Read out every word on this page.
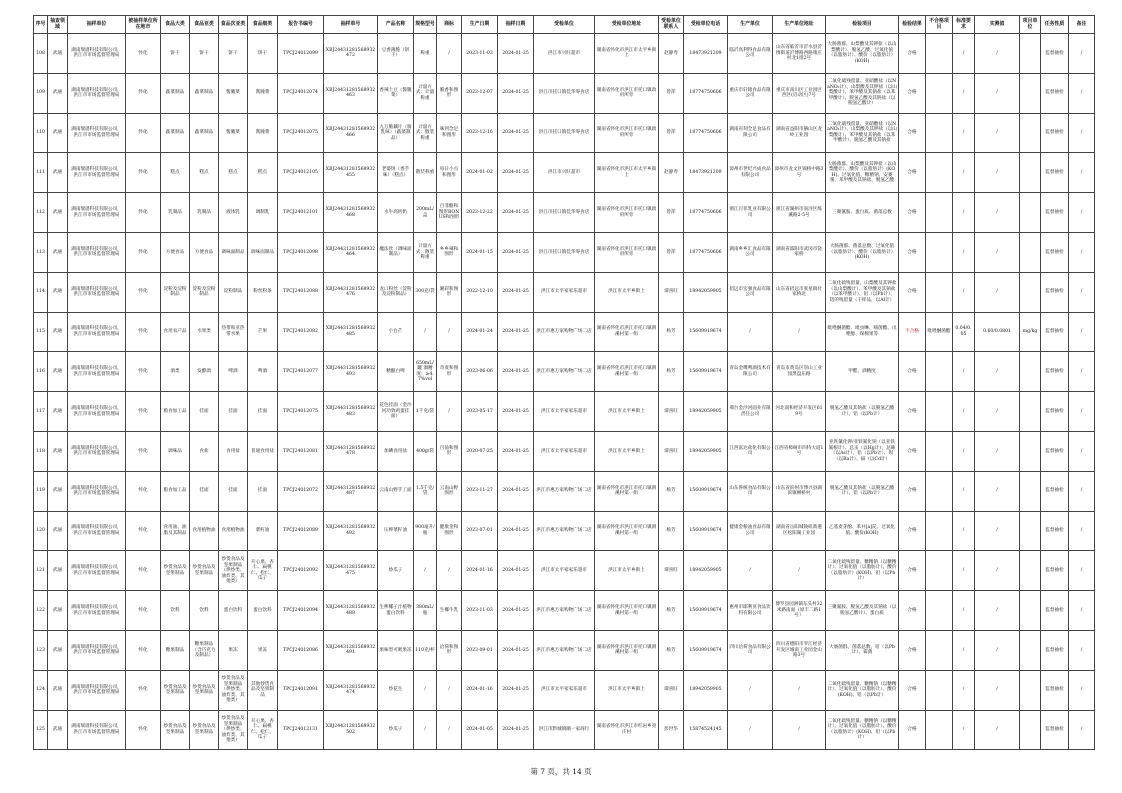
序号	抽查领域	抽样单位	被抽样单位所在地市	食品大类	食品亚类	食品次亚类	食品细类	报告书编号	抽样单号	产品名称	规格型号	商标	生产日期	抽样日期	受检单位	受检单位地址	受检单位联系人	受检单位电话	生产单位	生产单位地址	检验项目	检验结果	不合格项目	标准要求	实测值	项目单位	任务性质	备注
108	武通	湖南瑞谱科技有限公司，洪江市市场监督管理局	怀化	饼干	饼干	饼干	饼干	TPCJ24012099	XBJ24431281568932472	豆香薄脆（饼干）	称重	/	2023-11-03	2024-01-25	洪江市兴旺超市	湖南省怀化市洪江市太平乡街上	赵静寿	18473921209	临沂真利得食品有限公司	山东省临沂市沂水县沂博街道沂博路西路康庄村北1排2号	大肠菌群、山梨酸及其钾盐（以山梨酸计）、脱氢乙酸、过氧化值（以脂肪计）、酸价（以脂肪计）(KOH)	合格		/	/		监督抽检	/
109	武通	湖南瑞谱科技有限公司，洪江市市场监督管理局	怀化	蔬菜制品	蔬菜制品	酱腌菜	酱腌菜	TPCJ24012074	XBJ24431281568932463	香辣土豆（酱腌菜）	计量方式：计量称重	脆香和图形	2023-12-07	2024-01-25	洪江市托口镇佳华零食店	湖南省怀化市洪江市托口镇政府所旁	曾萍	18774750606	重庆市轩辕食品有限公司	重庆市南川区工业园区西区(启动区)7号	二氧化硫残留量、亚硝酸盐（以NaNO₂计）、山梨酸及其钾盐（以山梨酸计）、苯甲酸及其钠盐（以苯甲酸计）、脱氢乙酸及其钠盐（以脱氢乙酸计）	合格		/	/		监督抽检	/
110	武通	湖南瑞谱科技有限公司，洪江市市场监督管理局	怀化	蔬菜制品	蔬菜制品	酱腌菜	酱腌菜	TPCJ24012075	XBJ24431281568932466	九万脆藕片（腐乳味）（蔬菜制品）	计量方式：散装称重	味到念足和图形	2023-12-16	2024-01-25	洪江市托口镇佳华零食店	湖南省怀化市洪江市托口镇政府所旁	曾萍	18774750606	湖南省刻全足食品有限公司	湖南省益阳市赫山区龙岭工业园	二氧化硫残留量、亚硝酸盐（以NaNO₂计）、山梨酸及其钾盐（以山梨酸计）、苯甲酸及其钠盐（以苯甲酸计）、脱氢乙酸及其钠盐	合格		/	/		监督抽检	/
111	武通	湖南瑞谱科技有限公司，洪江市市场监督管理局	怀化	糕点	糕点	糕点	糕点	TPCJ24012105	XBJ24431281568932455	老婆饼（香芋味）（糕点）	散装称重	每日小点和图形	2024-01-02	2024-01-25	洪江市兴旺超市	湖南省怀化市洪江市太平乡街上	赵静寿	18473921209	漳州市世纪兴成食品有限公司	漳州市龙文区锦桥中路3号	大肠菌群、山梨酸及其钾盐（以山梨酸计）、酸价（以脂肪计）(KOH)、过氧化值、糖精钠、安赛蜜、苯甲酸及其钠盐、脱氢乙酸	合格		/	/		监督抽检	/
112	武通	湖南瑞谱科技有限公司，洪江市市场监督管理局	怀化	乳制品	乳制品	液体乳	调制乳	TPCJ24012101	XBJ24431281568932468	水牛高钙奶	200mL/盒	百菲酪和图形BONUS和图形	2023-12-22	2024-01-25	洪江市托口镇佳华零食店	湖南省怀化市洪江市托口镇政府所旁	曾萍	18774750606	浙江百菲乳业有限公司	浙江省湖州市南浔区练溪路2-5号	三聚氰胺、蛋白质、菌落总数	合格		/	/		监督抽检	/
113	武通	湖南瑞谱科技有限公司，洪江市市场监督管理局	怀化	方便食品	方便食品	调味面制品	调味面制品	TPCJ24012098	XBJ24431281568932464	魔法丝（调味面制品）	计量方式：散装称重	乡乡辣和图形	2024-01-15	2024-01-25	洪江市托口镇佳华零食店	湖南省怀化市洪江市托口镇政府所旁	曾萍	18774750606	湖南乡乡汇食品有限公司	湖南省邵阳市武冈市饶家桥	大肠菌群、菌落总数、过氧化值（以脂肪计）、酸价（以脂肪计）(KOH)	合格		/	/		监督抽检	/
114	武通	湖南瑞谱科技有限公司，洪江市市场监督管理局	怀化	淀粉及淀粉制品	淀粉及淀粉制品	淀粉制品	粉丝粉条	TPCJ24012088	XBJ24431281568932476	龙口粉丝（淀粉及淀粉制品）	300克/袋	湘彩和图形	2022-12-10	2024-01-25	洪江市太平家家乐超市	洪江市太平乡街上	谭喜旺	18942059905	招远市宏强食品有限公司	山东省招远市张星镇付家桥北	二氧化硫残留量、山梨酸及其钾盐（以山梨酸计）、苯甲酸及其钠盐（以苯甲酸计）、铅（以Pb计）、铝的残留量（干样品，以Al计）	合格		/	/		监督抽检	/
115	武通	湖南瑞谱科技有限公司，洪江市市场监督管理局	怀化	食用农产品	水果类	热带和亚热带水果	芒果	TPCJ24012082	XBJ24431281568932485	小台芒	/	/	2024-01-24	2024-01-25	洪江市惠万家购物广场二店	湖南省怀化市洪江市托口镇朗溪村第一组	杨芳	15609919674	/	/	吡唑醚菌酯、吡虫啉、嘧菌酯、戊唑醇、保棉果等	不合格	吡唑醚菌酯	0.04/0.05	0.60/0.0801	mg/kg	监督抽检	/
116	武通	湖南瑞谱科技有限公司，洪江市市场监督管理局	怀化	酒类	发酵酒	啤酒	啤酒	TPCJ24012077	XBJ24431281568932493	精酿白啤	650mL/罐 酒精度：≥4.7%vol	奇麦和图形	2023-06-06	2024-01-25	洪江市惠万家购物广场二店	湖南省怀化市洪江市托口镇朗溪村第一组	杨芳	15609919674	青岛金鹰啤酒技术有限公司	青岛市黄岛区崇山工业园黑盘东路	甲醛、酒精度	合格		/	/		监督抽检	/
117	武通	湖南瑞谱科技有限公司，洪江市市场监督管理局	怀化	粮食加工品	挂面	挂面	挂面	TPCJ24012075	XBJ24431281568932483	花色挂面（金沙河功效鸡蛋挂面）	1千克/袋	/	2023-05-17	2024-01-25	洪江市太平家家乐超市	洪江市太平乡街上	谭喜旺	18942059905	邢台金沙河面业有限责任公司	河北南和经济开发区619号	脱氢乙酸及其钠盐（以脱氢乙酸计）、铅（以Pb计）	合格		/	/		监督抽检	/
118	武通	湖南瑞谱科技有限公司，洪江市市场监督管理局	怀化	调味品	食盐	食用盐	普通食用盐	TPCJ24012081	XBJ24431281568932478	加碘食用盐	400g/袋	百仙和图形	2020-07-25	2024-01-25	洪江市太平家家乐超市	洪江市太平乡街上	谭喜旺	18942059905	江西富达盐化有限公司	江西省樟树市四特大道1号	亚铁氰化钾/亚铁氰化钠（以亚铁氰根计）、总汞（以Hg计）、总砷（以As计）、铅（以Pb计）、钡（以Ba计）、镉（以Cd计）	合格		/	/		监督抽检	/
119	武通	湖南瑞谱科技有限公司，洪江市市场监督管理局	怀化	粮食加工品	挂面	挂面	挂面	TPCJ24012072	XBJ24431281568932487	云南山野手工面	1.5千克/袋	云南山野图形	2023-11-27	2024-01-25	洪江市惠万家购物广场二店	湖南省怀化市洪江市托口镇朗溪村第一组	杨芳	15609919674	山东鲁统食品有限公司	山东省滨州市博兴县湖滨镇柳桥村	脱氢乙酸及其钠盐（以脱氢乙酸计）、铅（以Pb计）	合格		/	/		监督抽检	/
120	武通	湖南瑞谱科技有限公司，洪江市市场监督管理局	怀化	食用油、油脂及其制品	食用植物油	食用植物油	菜籽油	TPCJ24012089	XBJ24431281568932492	压榨菜籽油	900毫升/瓶	健康金和图形	2023-07-01	2024-01-25	洪江市惠万家购物广场二店	湖南省怀化市洪江市托口镇朗溪村第一组	杨芳	15609919674	健康金粮油食品有限公司	湖南省岳阳城陵矶新港区松阳湖工业园	乙基麦芽酚、苯并[a]芘、过氧化值、酸价(KOH)	合格		/	/		监督抽检	/
121	武通	湖南瑞谱科技有限公司，洪江市市场监督管理局	怀化	炒货食品及坚果制品	炒货食品及坚果制品	炒货食品及坚果制品（烘炒类、油炸类、其他类）	开心果、杏仁、扁桃仁、松仁、瓜子	TPCJ24012092	XBJ24431281568932475	炒瓜子	/	/	2024-01-16	2024-01-25	洪江市太平家家乐超市	洪江市太平乡街上	谭喜旺	18942059905	/	/	二氧化硫残留量、糖精钠（以糖精计）、过氧化值（以脂肪计）、酸价（以脂肪计）(KOH)、铅（以Pb计）	合格		/	/		监督抽检	/
122	武通	湖南瑞谱科技有限公司，洪江市市场监督管理局	怀化	饮料	饮料	蛋白饮料	蛋白饮料	TPCJ24012094	XBJ24431281568932489	生榨椰子汁植物蛋白饮料	380mL/瓶	生椰牛乳	2023-11-03	2024-01-25	洪江市惠万家购物广场二店	湖南省怀化市洪江市托口镇朗溪村第一组	杨芳	15609919674	惠州市耶利亚食品饮料有限公司	博罗县园洲镇东头村32米路南面（原丰二路1号）	三聚氰胺、脱氢乙酸及其钠盐（以脱氢乙酸计）、蛋白质	合格		/	/		监督抽检	/
123	武通	湖南瑞谱科技有限公司，洪江市市场监督管理局	怀化	糖果制品	糖果制品（含巧克力及制品）	果冻	果冻	TPCJ24012086	XBJ24431281568932491	果味型可吸果冻	110克/杯	洽荷和图形	2023-09-01	2024-01-25	洪江市惠万家购物广场二店	湖南省怀化市洪江市托口镇朗溪村第一组	杨芳	15609919674	四川洽荷食品有限公司	四川省德阳市罗江经济开发区城南工业园金山路3号	大肠菌群、菌落总数、铅（以Pb计）、霉菌	合格		/	/		监督抽检	/
124	武通	湖南瑞谱科技有限公司，洪江市市场监督管理局	怀化	炒货食品及坚果制品	炒货食品及坚果制品	炒货食品及坚果制品（烘炒类、油炸类、其他类）	其他炒货食品及坚果制品	TPCJ24012091	XBJ24431281568932474	炒花生	/	/	2024-01-16	2024-01-25	洪江市太平家家乐超市	洪江市太平乡街上	谭喜旺	18942059905	/	/	二氧化硫残留量、糖精钠（以糖精计）、过氧化值（以脂肪计）、酸价(KOH)、铅（以Pb计）	合格		/	/		监督抽检	/
125	武通	湖南瑞谱科技有限公司，洪江市市场监督管理局	怀化	炒货食品及坚果制品	炒货食品及坚果制品	炒货食品及坚果制品（烘炒类、油炸类、其他类）	开心果、杏仁、扁桃仁、松仁、瓜子	TPCJ24012131	XBJ24431281568932502	炒瓜子	/	/	2024-01-05	2024-01-25	洪江市黔城镇顺一家商行	湖南省怀化市洪江市红岩乡亮庄村	彭世华	15874524145	/	/	二氧化硫残留量、糖精钠（以糖精计）、过氧化值（以脂肪计）、酸价（以脂肪计）(KOH)、铅（以Pb计）	合格		/	/		监督抽检	/
第 7 页，共 14 页
